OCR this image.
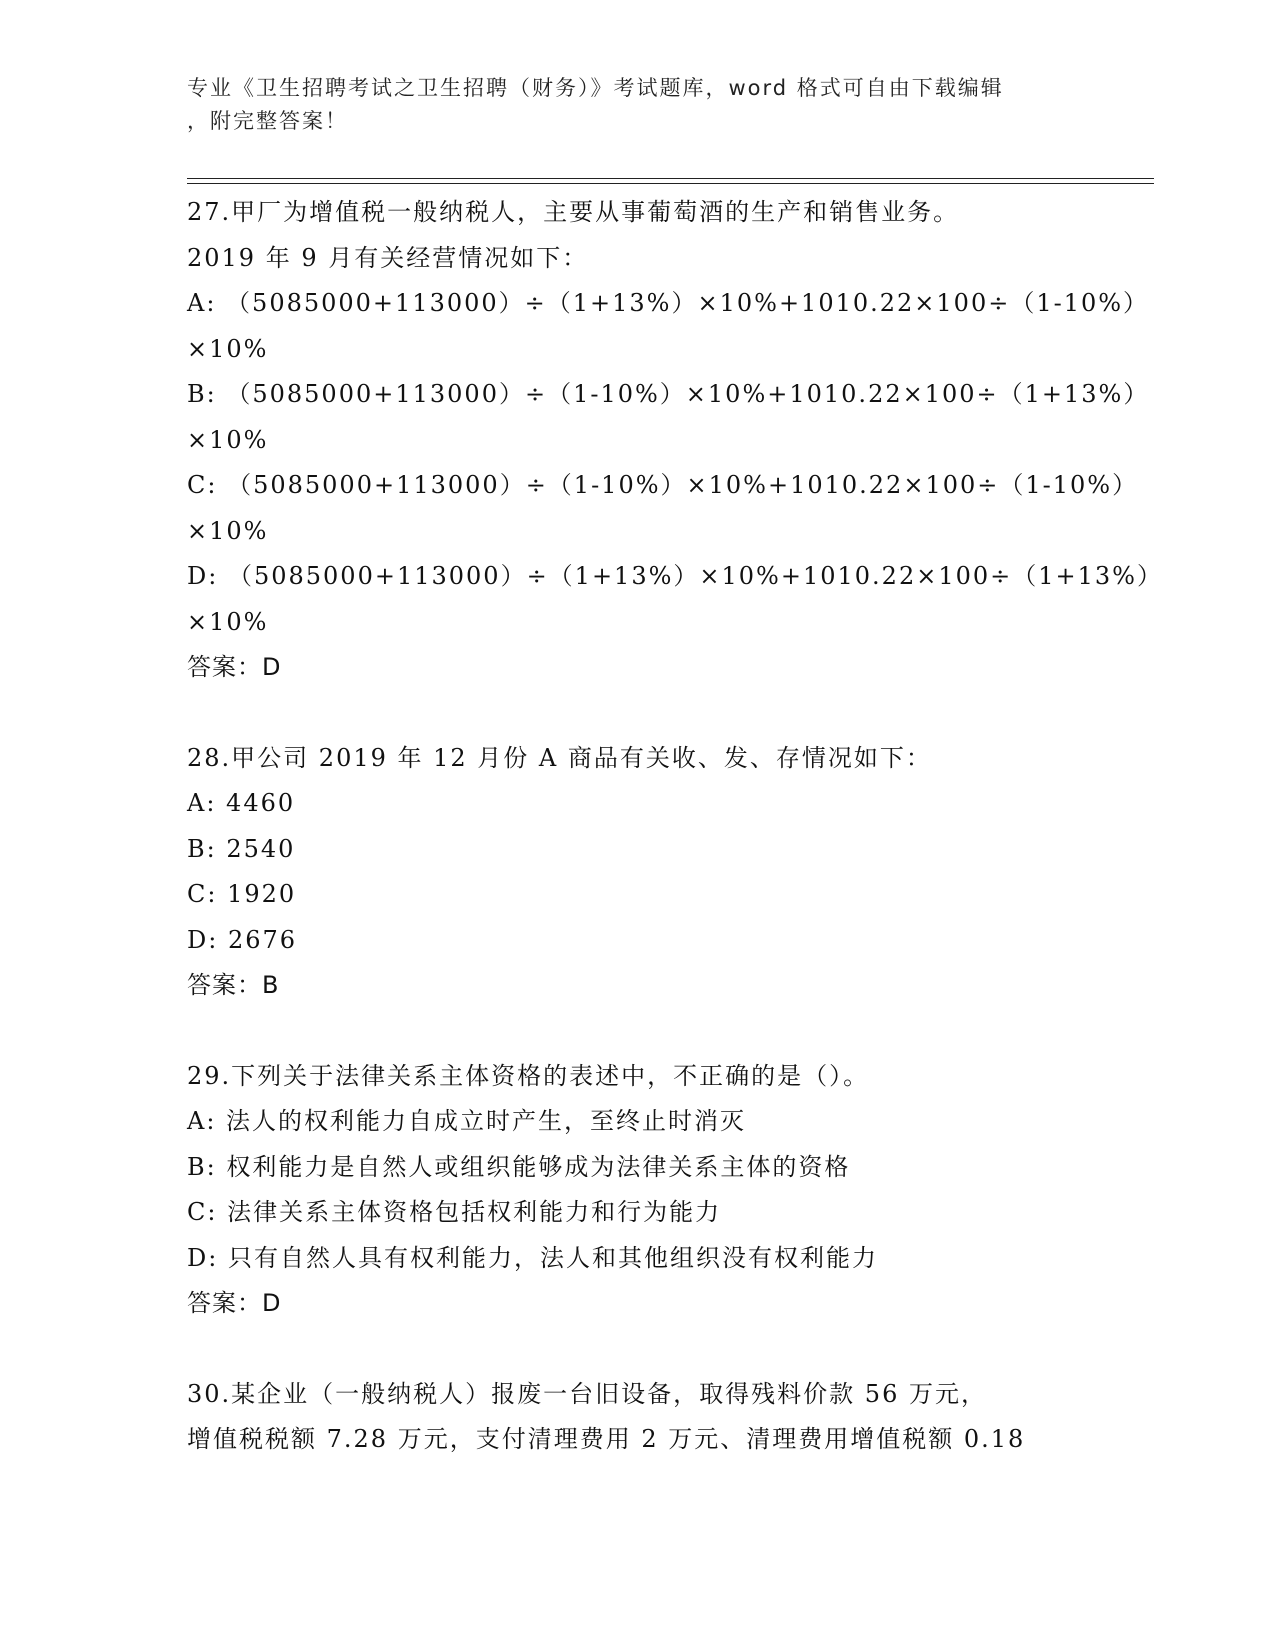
专业《卫生招聘考试之卫生招聘（财务）》考试题库，word 格式可自由下载编辑
，附完整答案！
27.甲厂为增值税一般纳税人，主要从事葡萄酒的生产和销售业务。
2019 年 9 月有关经营情况如下：
A: （5085000+113000）÷（1+13%）×10%+1010.22×100÷（1-10%）
×10%
B: （5085000+113000）÷（1-10%）×10%+1010.22×100÷（1+13%）
×10%
C: （5085000+113000）÷（1-10%）×10%+1010.22×100÷（1-10%）
×10%
D: （5085000+113000）÷（1+13%）×10%+1010.22×100÷（1+13%）
×10%
答案：D
28.甲公司 2019 年 12 月份 A 商品有关收、发、存情况如下：
A: 4460
B: 2540
C: 1920
D: 2676
答案：B
29.下列关于法律关系主体资格的表述中，不正确的是（）。
A: 法人的权利能力自成立时产生，至终止时消灭
B: 权利能力是自然人或组织能够成为法律关系主体的资格
C: 法律关系主体资格包括权利能力和行为能力
D: 只有自然人具有权利能力，法人和其他组织没有权利能力
答案：D
30.某企业（一般纳税人）报废一台旧设备，取得残料价款 56 万元，
增值税税额 7.28 万元，支付清理费用 2 万元、清理费用增值税额 0.18
